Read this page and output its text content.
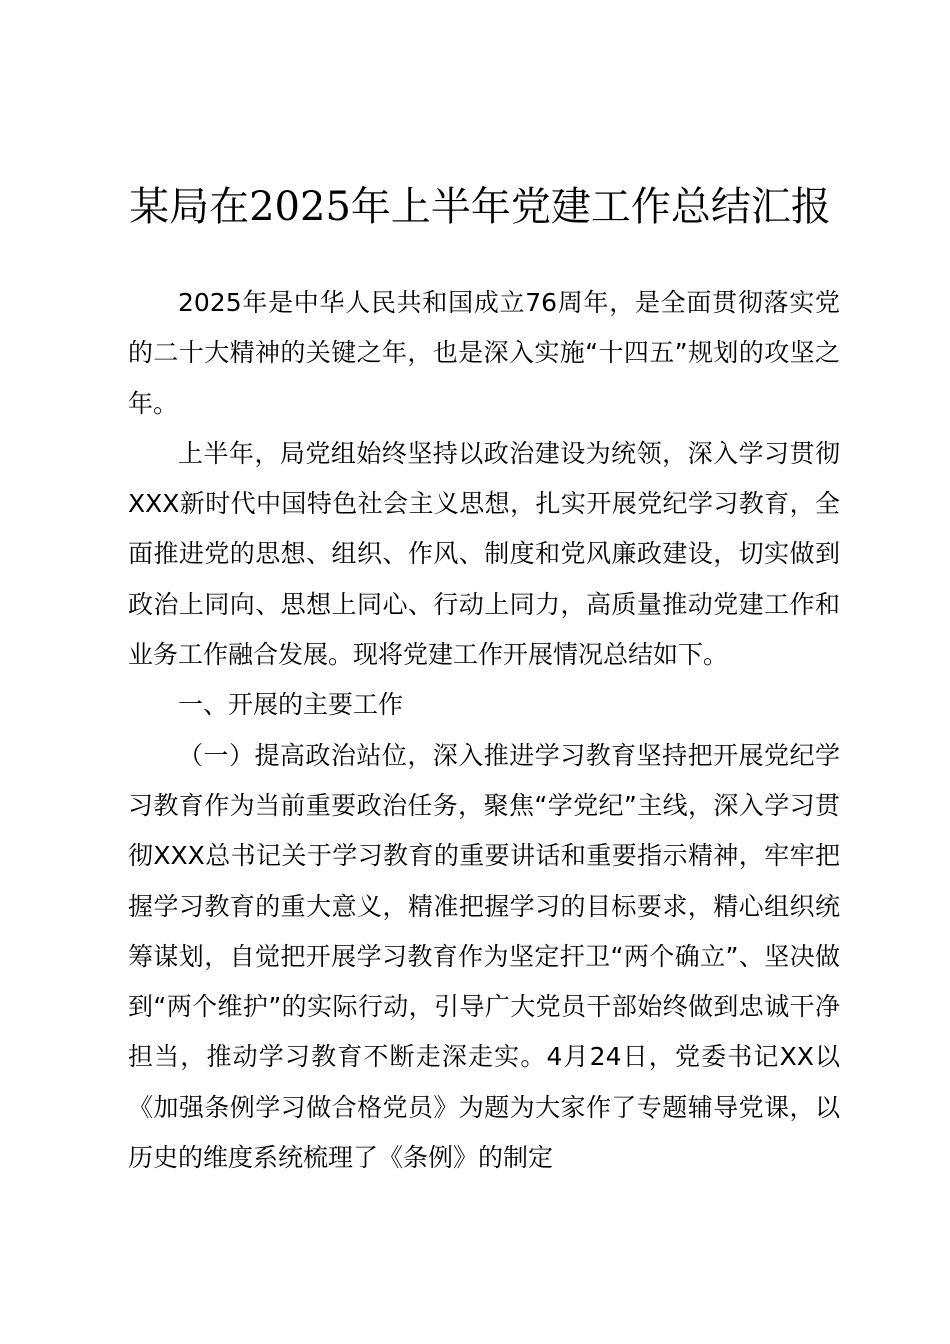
某局在2025年上半年党建工作总结汇报

2025年是中华人民共和国成立76周年，是全面贯彻落实党的二十大精神的关键之年，也是深入实施“十四五”规划的攻坚之年。

上半年，局党组始终坚持以政治建设为统领，深入学习贯彻XXX新时代中国特色社会主义思想，扎实开展党纪学习教育，全面推进党的思想、组织、作风、制度和党风廉政建设，切实做到政治上同向、思想上同心、行动上同力，高质量推动党建工作和业务工作融合发展。现将党建工作开展情况总结如下。

一、开展的主要工作

（一）提高政治站位，深入推进学习教育坚持把开展党纪学习教育作为当前重要政治任务，聚焦“学党纪”主线，深入学习贯彻XXX总书记关于学习教育的重要讲话和重要指示精神，牢牢把握学习教育的重大意义，精准把握学习的目标要求，精心组织统筹谋划，自觉把开展学习教育作为坚定扞卫“两个确立”、坚决做到“两个维护”的实际行动，引导广大党员干部始终做到忠诚干净担当，推动学习教育不断走深走实。4月24日，党委书记XX以《加强条例学习做合格党员》为题为大家作了专题辅导党课，以历史的维度系统梳理了《条例》的制定
